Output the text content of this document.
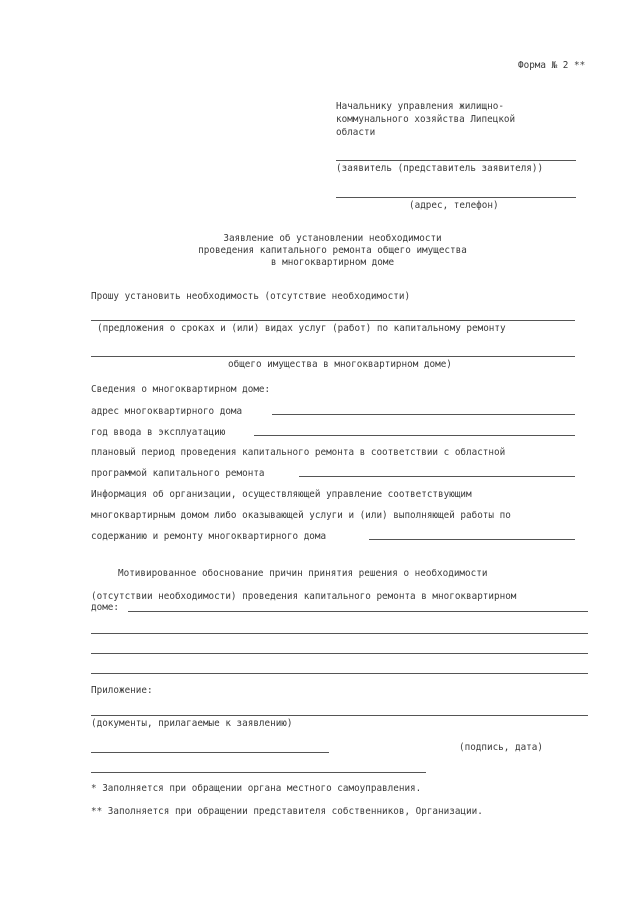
Форма № 2 **
Начальнику управления жилищно-
коммунального хозяйства Липецкой
области
(заявитель (представитель заявителя))
(адрес, телефон)
Заявление об установлении необходимости
проведения капитального ремонта общего имущества
в многоквартирном доме
Прошу установить необходимость (отсутствие необходимости)
(предложения о сроках и (или) видах услуг (работ) по капитальному ремонту
общего имущества в многоквартирном доме)
Сведения о многоквартирном доме:
адрес многоквартирного дома
год ввода в эксплуатацию
плановый период проведения капитального ремонта в соответствии с областной
программой капитального ремонта
Информация об организации, осуществляющей управление соответствующим
многоквартирным домом либо оказывающей услуги и (или) выполняющей работы по
содержанию и ремонту многоквартирного дома
Мотивированное обоснование причин принятия решения о необходимости
(отсутствии необходимости) проведения капитального ремонта в многоквартирном
доме:
Приложение:
(документы, прилагаемые к заявлению)
(подпись, дата)
* Заполняется при обращении органа местного самоуправления.
** Заполняется при обращении представителя собственников, Организации.
